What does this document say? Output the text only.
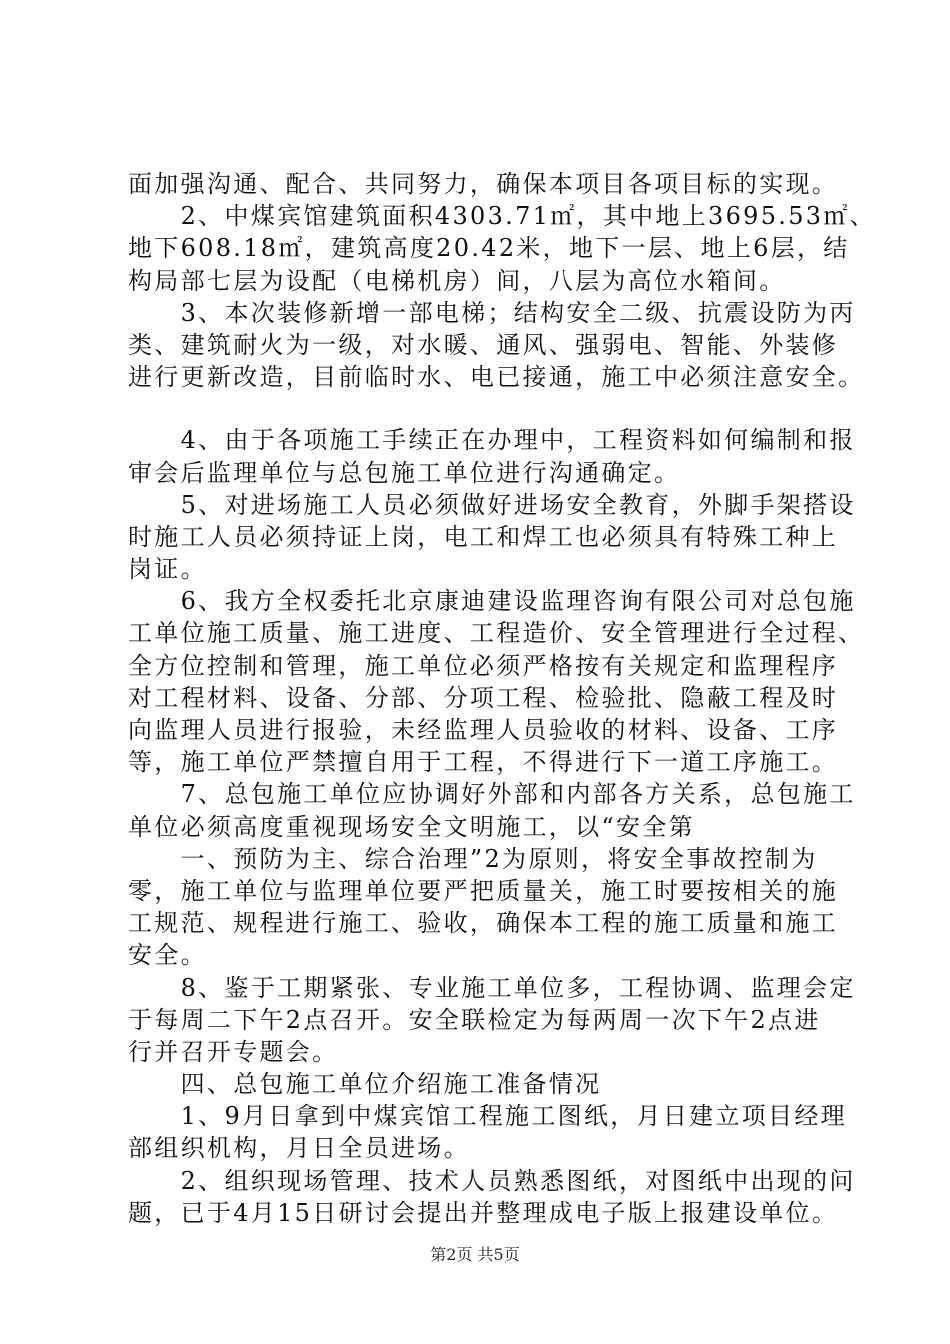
面加强沟通、配合、共同努力，确保本项目各项目标的实现。
　　2、中煤宾馆建筑面积4303.71㎡，其中地上3695.53㎡、
地下608.18㎡，建筑高度20.42米，地下一层、地上6层，结
构局部七层为设配（电梯机房）间，八层为高位水箱间。
　　3、本次装修新增一部电梯；结构安全二级、抗震设防为丙
类、建筑耐火为一级，对水暖、通风、强弱电、智能、外装修
进行更新改造，目前临时水、电已接通，施工中必须注意安全。
　　4、由于各项施工手续正在办理中，工程资料如何编制和报
审会后监理单位与总包施工单位进行沟通确定。
　　5、对进场施工人员必须做好进场安全教育，外脚手架搭设
时施工人员必须持证上岗，电工和焊工也必须具有特殊工种上
岗证。
　　6、我方全权委托北京康迪建设监理咨询有限公司对总包施
工单位施工质量、施工进度、工程造价、安全管理进行全过程、
全方位控制和管理，施工单位必须严格按有关规定和监理程序
对工程材料、设备、分部、分项工程、检验批、隐蔽工程及时
向监理人员进行报验，未经监理人员验收的材料、设备、工序
等，施工单位严禁擅自用于工程，不得进行下一道工序施工。
　　7、总包施工单位应协调好外部和内部各方关系，总包施工
单位必须高度重视现场安全文明施工，以“安全第
　　一、预防为主、综合治理”2为原则，将安全事故控制为
零，施工单位与监理单位要严把质量关，施工时要按相关的施
工规范、规程进行施工、验收，确保本工程的施工质量和施工
安全。
　　8、鉴于工期紧张、专业施工单位多，工程协调、监理会定
于每周二下午2点召开。安全联检定为每两周一次下午2点进
行并召开专题会。
　　四、总包施工单位介绍施工准备情况
　　1、9月日拿到中煤宾馆工程施工图纸，月日建立项目经理
部组织机构，月日全员进场。
　　2、组织现场管理、技术人员熟悉图纸，对图纸中出现的问
题，已于4月15日研讨会提出并整理成电子版上报建设单位。
第2页 共5页
